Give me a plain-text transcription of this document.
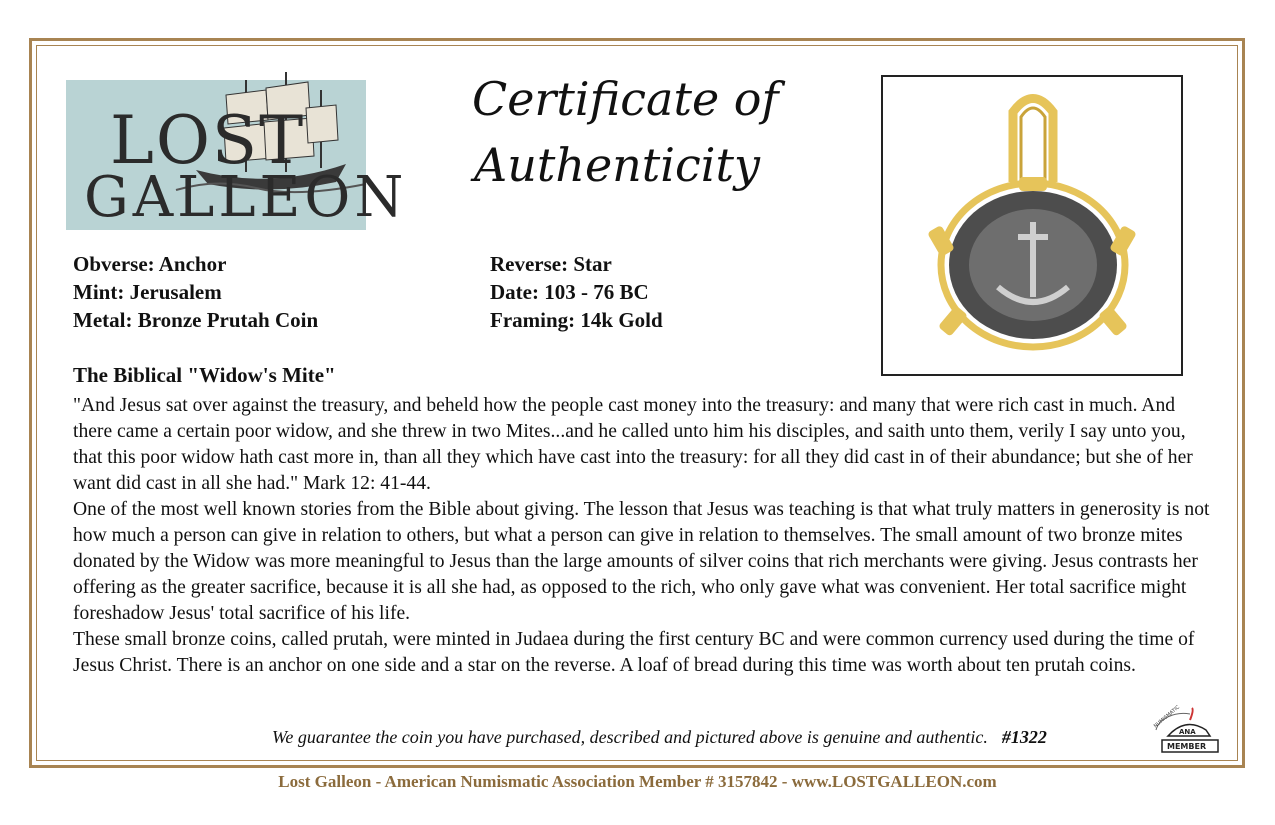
LOST
GALLEON
Certificate of
Authenticity
Obverse: Anchor
Mint: Jerusalem
Metal: Bronze Prutah Coin
Reverse: Star
Date: 103 - 76 BC
Framing: 14k Gold
The Biblical "Widow's Mite"

"And Jesus sat over against the treasury, and beheld how the people cast money into the treasury: and many that were rich cast in much. And there came a certain poor widow, and she threw in two Mites...and he called unto him his disciples, and saith unto them, verily I say unto you, that this poor widow hath cast more in, than all they which have cast into the treasury: for all they did cast in of their abundance; but she of her want did cast in all she had." Mark 12: 41-44.

One of the most well known stories from the Bible about giving. The lesson that Jesus was teaching is that what truly matters in generosity is not how much a person can give in relation to others, but what a person can give in relation to themselves. The small amount of two bronze mites donated by the Widow was more meaningful to Jesus than the large amounts of silver coins that rich merchants were giving. Jesus contrasts her offering as the greater sacrifice, because it is all she had, as opposed to the rich, who only gave what was convenient. Her total sacrifice might foreshadow Jesus' total sacrifice of his life.

These small bronze coins, called prutah, were minted in Judaea during the first century BC and were common currency used during the time of Jesus Christ. There is an anchor on one side and a star on the reverse. A loaf of bread during this time was worth about ten prutah coins.

We guarantee the coin you have purchased, described and pictured above is genuine and authentic. #1322
NUMISMATIC
ANA
MEMBER
Lost Galleon - American Numismatic Association Member # 3157842 - www.LOSTGALLEON.com
